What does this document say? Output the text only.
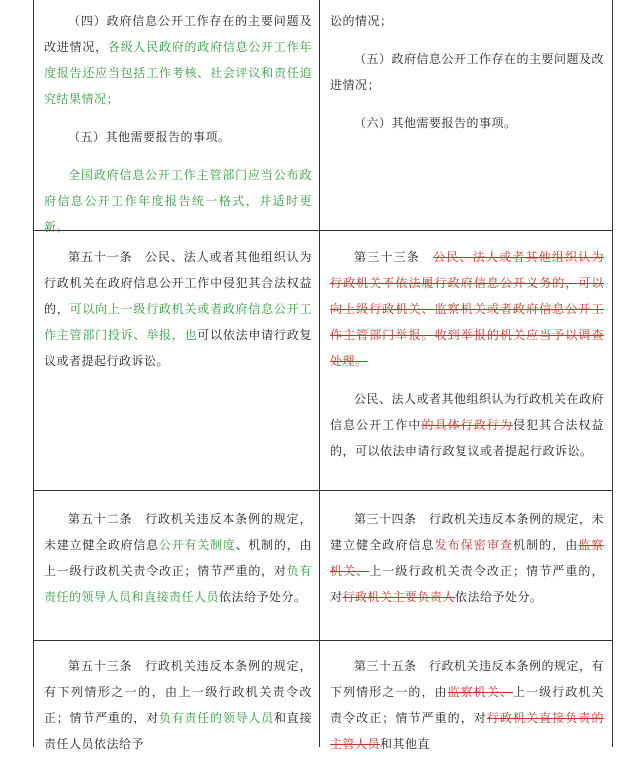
（四）政府信息公开工作存在的主要问题及改进情况，各级人民政府的政府信息公开工作年度报告还应当包括工作考核、社会评议和责任追究结果情况；

（五）其他需要报告的事项。

全国政府信息公开工作主管部门应当公布政府信息公开工作年度报告统一格式，并适时更新。

讼的情况；

（五）政府信息公开工作存在的主要问题及改进情况；

（六）其他需要报告的事项。

第五十一条　公民、法人或者其他组织认为行政机关在政府信息公开工作中侵犯其合法权益的，可以向上一级行政机关或者政府信息公开工作主管部门投诉、举报，也可以依法申请行政复议或者提起行政诉讼。

第三十三条　公民、法人或者其他组织认为行政机关不依法履行政府信息公开义务的，可以向上级行政机关、监察机关或者政府信息公开工作主管部门举报。收到举报的机关应当予以调查处理。

公民、法人或者其他组织认为行政机关在政府信息公开工作中的具体行政行为侵犯其合法权益的，可以依法申请行政复议或者提起行政诉讼。

第五十二条　行政机关违反本条例的规定，未建立健全政府信息公开有关制度、机制的，由上一级行政机关责令改正；情节严重的，对负有责任的领导人员和直接责任人员依法给予处分。

第三十四条　行政机关违反本条例的规定，未建立健全政府信息发布保密审查机制的，由监察机关、上一级行政机关责令改正；情节严重的，对行政机关主要负责人依法给予处分。

第五十三条　行政机关违反本条例的规定，有下列情形之一的，由上一级行政机关责令改正；情节严重的，对负有责任的领导人员和直接责任人员依法给予

第三十五条　行政机关违反本条例的规定，有下列情形之一的，由监察机关、上一级行政机关责令改正；情节严重的，对行政机关直接负责的主管人员和其他直
